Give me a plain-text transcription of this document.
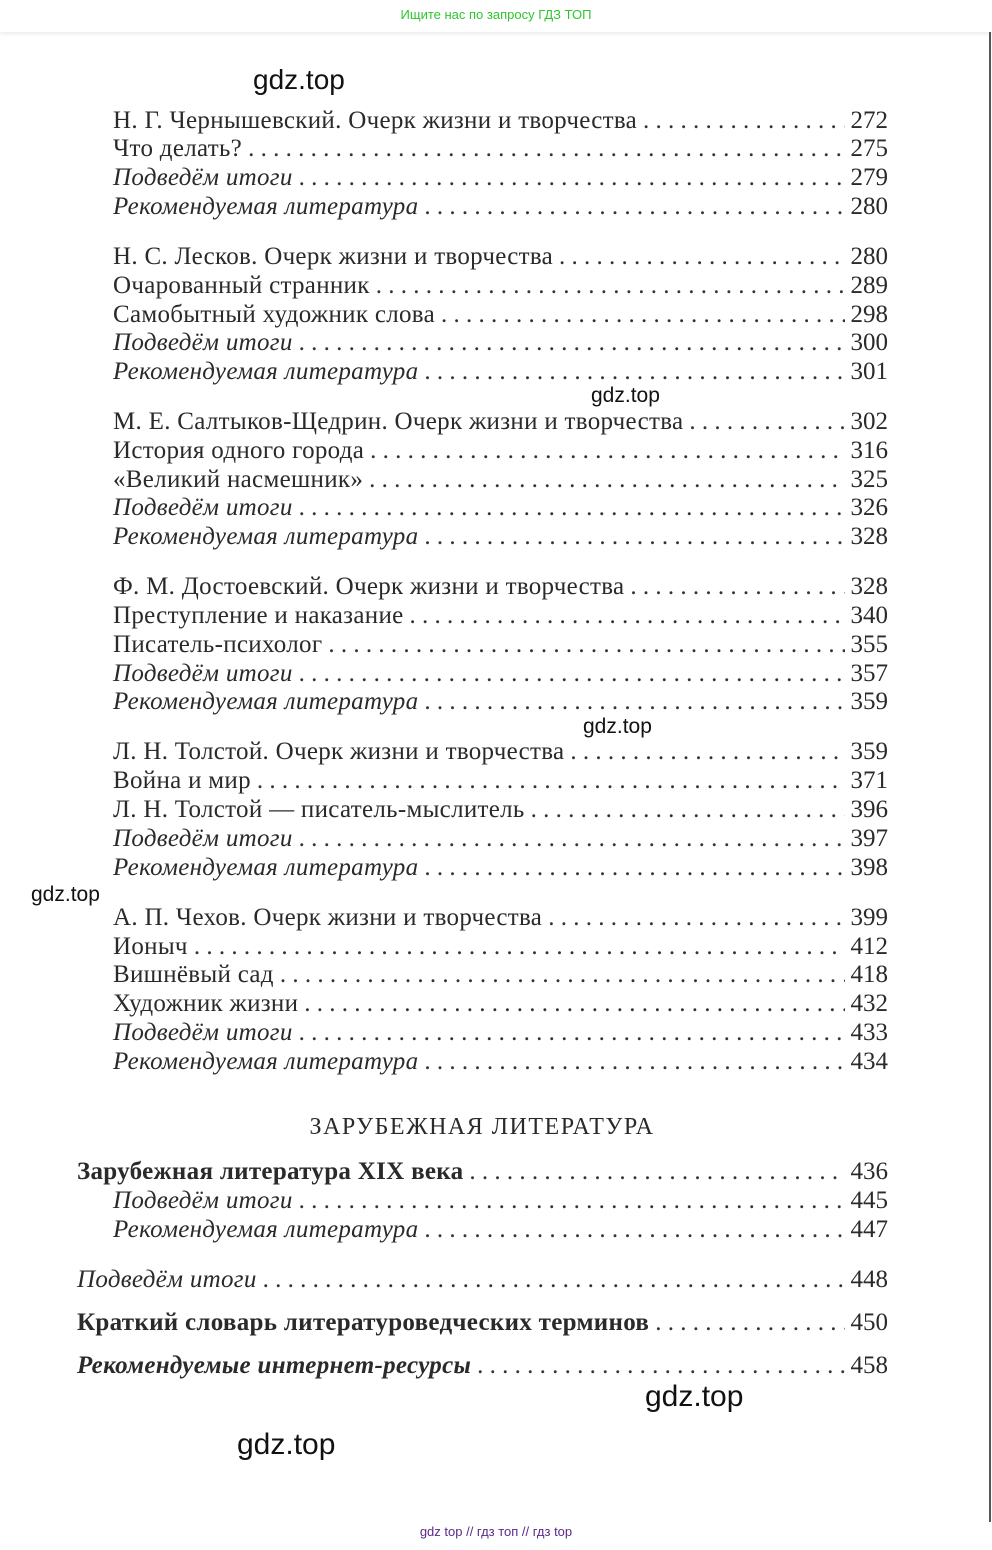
Ищите нас по запросу ГДЗ ТОП
Н. Г. Чернышевский. Очерк жизни и творчества . . .	272
Что делать? . . .	275
Подведём итоги . . .	279
Рекомендуемая литература . . .	280
Н. С. Лесков. Очерк жизни и творчества . . .	280
Очарованный странник . . .	289
Самобытный художник слова . . .	298
Подведём итоги . . .	300
Рекомендуемая литература . . .	301
М. Е. Салтыков-Щедрин. Очерк жизни и творчества . . .	302
История одного города . . .	316
«Великий насмешник» . . .	325
Подведём итоги . . .	326
Рекомендуемая литература . . .	328
Ф. М. Достоевский. Очерк жизни и творчества . . .	328
Преступление и наказание . . .	340
Писатель-психолог . . .	355
Подведём итоги . . .	357
Рекомендуемая литература . . .	359
Л. Н. Толстой. Очерк жизни и творчества . . .	359
Война и мир . . .	371
Л. Н. Толстой — писатель-мыслитель . . .	396
Подведём итоги . . .	397
Рекомендуемая литература . . .	398
А. П. Чехов. Очерк жизни и творчества . . .	399
Ионыч . . .	412
Вишнёвый сад . . .	418
Художник жизни . . .	432
Подведём итоги . . .	433
Рекомендуемая литература . . .	434
Зарубежная литература XIX века . . .	436
Подведём итоги . . .	445
Рекомендуемая литература . . .	447
Подведём итоги . . .	448
Краткий словарь литературоведческих терминов . . .	450
Рекомендуемые интернет-ресурсы . . .	458
ЗАРУБЕЖНАЯ ЛИТЕРАТУРА
gdz.top
gdz.top
gdz.top
gdz.top
gdz.top
gdz.top
gdz top // гдз топ // гдз top
